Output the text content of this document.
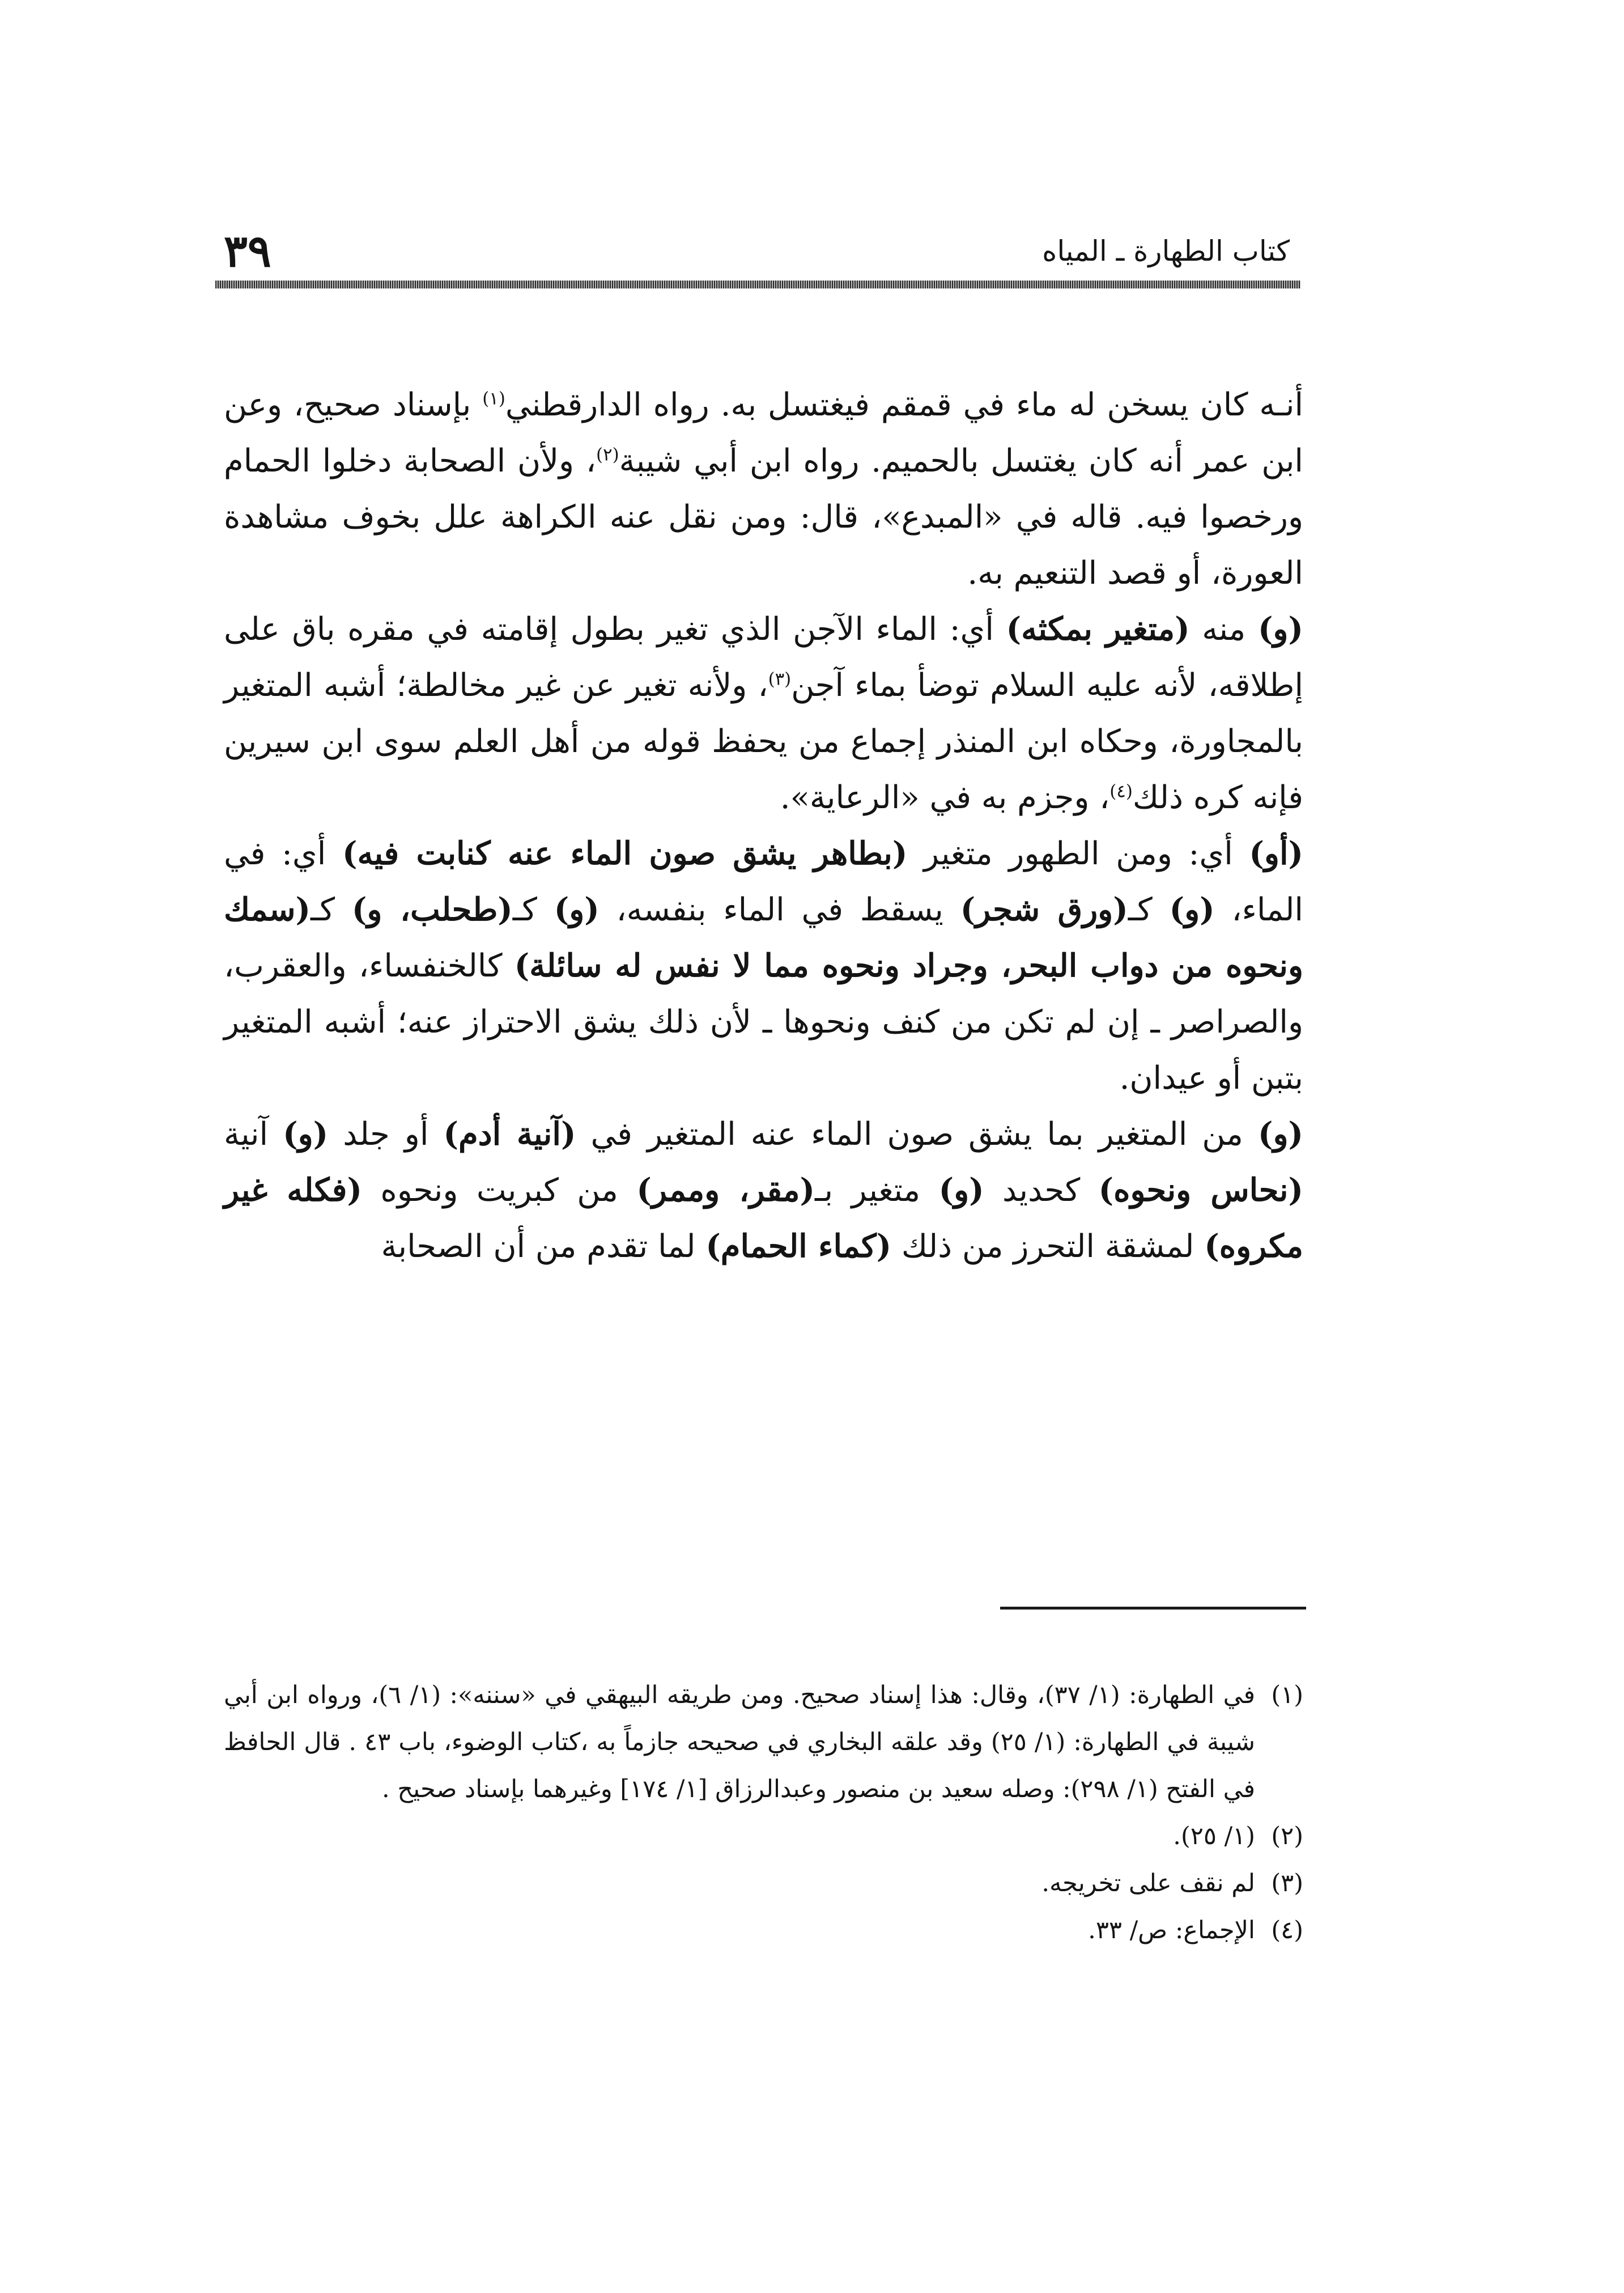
٣٩	كتاب الطهارة ـ المياه

أنـه كان يسخن له ماء في قمقم فيغتسل به. رواه الدارقطني$^{(١)}$ بإسناد صحيح، وعن ابن عمر أنه كان يغتسل بالحميم. رواه ابن أبي شيبة$^{(٢)}$، ولأن الصحابة دخلوا الحمام ورخصوا فيه. قاله في «المبدع»، قال: ومن نقل عنه الكراهة علل بخوف مشاهدة العورة، أو قصد التنعيم به.

(و) منه (متغير بمكثه) أي: الماء الآجن الذي تغير بطول إقامته في مقره باق على إطلاقه، لأنه عليه السلام توضأ بماء آجن$^{(٣)}$، ولأنه تغير عن غير مخالطة؛ أشبه المتغير بالمجاورة، وحكاه ابن المنذر إجماع من يحفظ قوله من أهل العلم سوى ابن سيرين فإنه كره ذلك$^{(٤)}$، وجزم به في «الرعاية».

(أو) أي: ومن الطهور متغير (بطاهر يشق صون الماء عنه كنابت فيه) أي: في الماء، (و) كـ(ورق شجر) يسقط في الماء بنفسه، (و) كـ(طحلب، و) كـ(سمك ونحوه من دواب البحر، وجراد ونحوه مما لا نفس له سائلة) كالخنفساء، والعقرب، والصراصر ـ إن لم تكن من كنف ونحوها ـ لأن ذلك يشق الاحتراز عنه؛ أشبه المتغير بتبن أو عيدان.

(و) من المتغير بما يشق صون الماء عنه المتغير في (آنية أدم) أو جلد (و) آنية (نحاس ونحوه) كحديد (و) متغير بـ(مقر، وممر) من كبريت ونحوه (فكله غير مكروه) لمشقة التحرز من ذلك (كماء الحمام) لما تقدم من أن الصحابة

(١)
في الطهارة: (١/ ٣٧)، وقال: هذا إسناد صحيح. ومن طريقه البيهقي في «سننه»: (١/ ٦)، ورواه ابن أبي شيبة في الطهارة: (١/ ٢٥) وقد علقه البخاري في صحيحه جازماً به ،كتاب الوضوء، باب ٤٣ . قال الحافظ في الفتح (١/ ٢٩٨): وصله سعيد بن منصور وعبدالرزاق [١/ ١٧٤] وغيرهما بإسناد صحيح .
(٢)
(١/ ٢٥).
(٣)
لم نقف على تخريجه.
(٤)
الإجماع: ص/ ٣٣.
